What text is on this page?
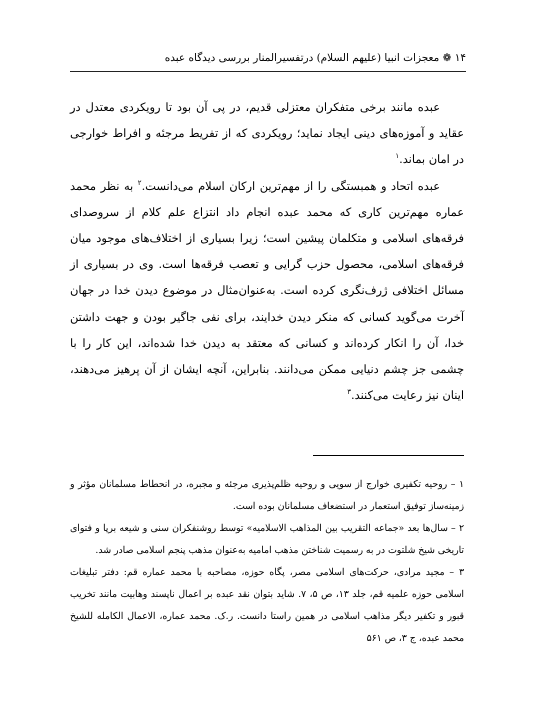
۱۴ ❁ معجزات انبیا (علیهم السلام) درتفسیرالمنار بررسی دیدگاه عبده

عبده مانند برخی متفکران معتزلی قدیم، در پی آن بود تا رویکردی معتدل در عقاید و آموزه‌های دینی ایجاد نماید؛ رویکردی که از تفریط مرجئه و افراط خوارجی در امان بماند.$^۱$

عبده اتحاد و همبستگی را از مهم‌ترین ارکان اسلام می‌دانست.$^۲$ به نظر محمد عماره مهم‌ترین کاری که محمد عبده انجام داد انتزاع علم کلام از سروصدای فرقه‌های اسلامی و متکلمان پیشین است؛ زیرا بسیاری از اختلاف‌های موجود میان فرقه‌های اسلامی، محصول حزب گرایی و تعصب فرقه‌ها است. وی در بسیاری از مسائل اختلافی ژرف‌نگری کرده است. به‌عنوان‌مثال در موضوع دیدن خدا در جهان آخرت می‌گوید کسانی که منکر دیدن خدایند، برای نفی جاگیر بودن و جهت داشتن خدا، آن را انکار کرده‌اند و کسانی که معتقد به دیدن خدا شده‌اند، این کار را با چشمی جز چشم دنیایی ممکن می‌دانند. بنابراین، آنچه ایشان از آن پرهیز می‌دهند، اینان نیز رعایت می‌کنند.$^۳$

۱ – روحیه تکفیری خوارج از سویی و روحیه ظلم‌پذیری مرجئه و مجبره، در انحطاط مسلمانان مؤثر و زمینه‌ساز توفیق استعمار در استضعاف مسلمانان بوده است.

۲ – سال‌ها بعد «جماعه التقریب بین المذاهب الاسلامیه» توسط روشنفکران سنی و شیعه برپا و فتوای تاریخی شیخ شلتوت در به رسمیت شناختن مذهب امامیه به‌عنوان مذهب پنجم اسلامی صادر شد.

۳ – مجید مرادی، حرکت‌های اسلامی مصر، پگاه حوزه، مصاحبه با محمد عماره قم: دفتر تبلیغات اسلامی حوزه علمیه قم، جلد ۱۳، ص ۵، ۷. شاید بتوان نقد عبده بر اعمال ناپسند وهابیت مانند تخریب قبور و تکفیر دیگر مذاهب اسلامی در همین راستا دانست. ر.ک. محمد عماره، الاعمال الکامله للشیخ محمد عبده، ج ۳، ص ۵۶۱
